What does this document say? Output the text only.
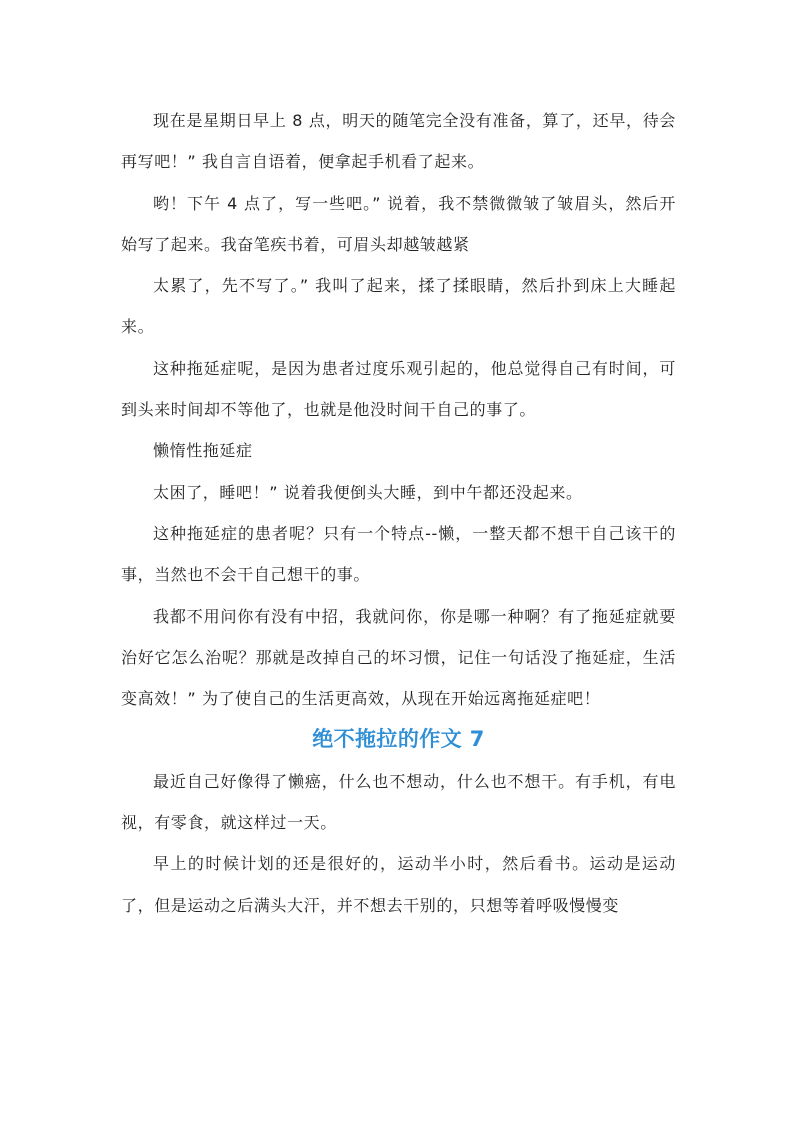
现在是星期日早上 8 点，明天的随笔完全没有准备，算了，还早，待会再写吧！” 我自言自语着，便拿起手机看了起来。

哟！下午 4 点了，写一些吧。” 说着，我不禁微微皱了皱眉头，然后开始写了起来。我奋笔疾书着，可眉头却越皱越紧

太累了，先不写了。” 我叫了起来，揉了揉眼睛，然后扑到床上大睡起来。

这种拖延症呢，是因为患者过度乐观引起的，他总觉得自己有时间，可到头来时间却不等他了，也就是他没时间干自己的事了。

懒惰性拖延症

太困了，睡吧！” 说着我便倒头大睡，到中午都还没起来。

这种拖延症的患者呢？只有一个特点--懒，一整天都不想干自己该干的事，当然也不会干自己想干的事。

我都不用问你有没有中招，我就问你，你是哪一种啊？有了拖延症就要治好它怎么治呢？那就是改掉自己的坏习惯，记住一句话没了拖延症，生活变高效！” 为了使自己的生活更高效，从现在开始远离拖延症吧！

绝不拖拉的作文 7

最近自己好像得了懒癌，什么也不想动，什么也不想干。有手机，有电视，有零食，就这样过一天。

早上的时候计划的还是很好的，运动半小时，然后看书。运动是运动了，但是运动之后满头大汗，并不想去干别的，只想等着呼吸慢慢变
